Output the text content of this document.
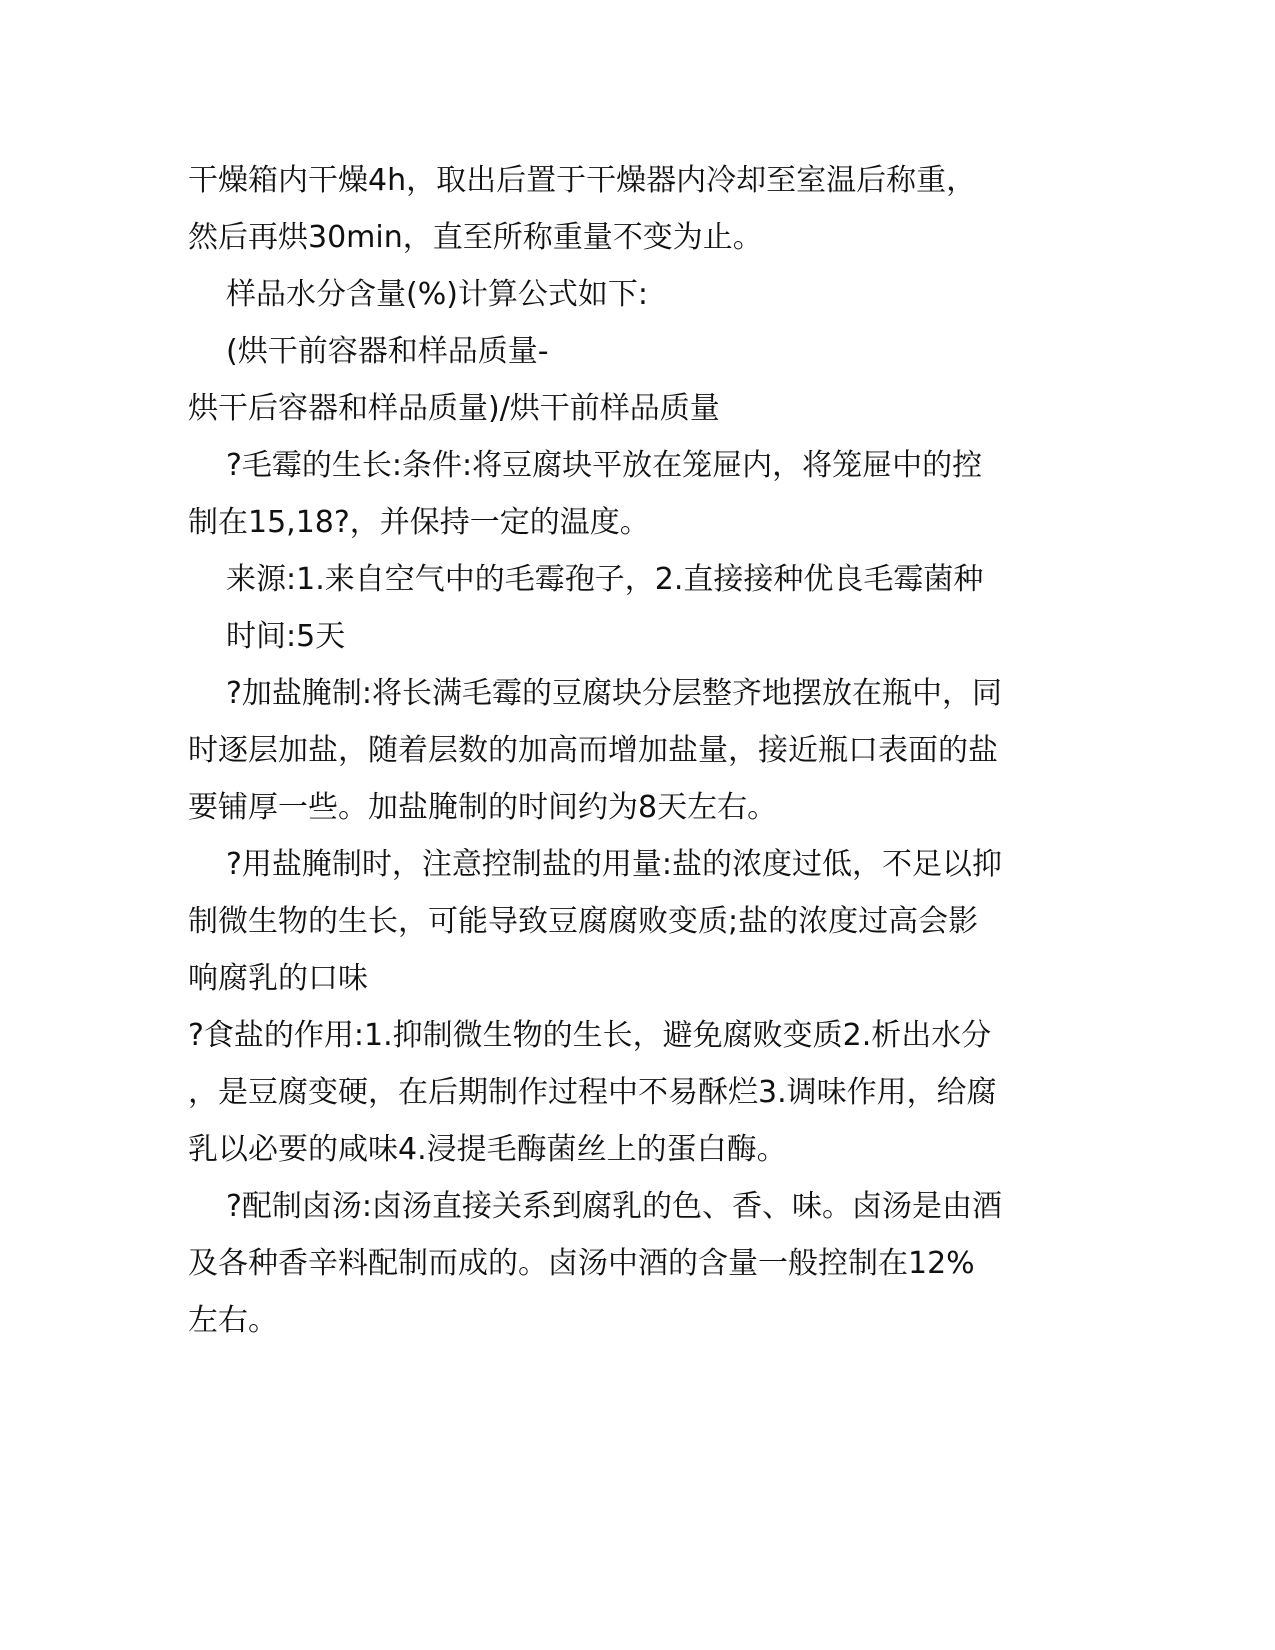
干燥箱内干燥4h，取出后置于干燥器内冷却至室温后称重，
然后再烘30min，直至所称重量不变为止。
样品水分含量(%)计算公式如下:
(烘干前容器和样品质量-
烘干后容器和样品质量)/烘干前样品质量
?毛霉的生长:条件:将豆腐块平放在笼屉内，将笼屉中的控
制在15,18?，并保持一定的温度。
来源:1.来自空气中的毛霉孢子，2.直接接种优良毛霉菌种
时间:5天
?加盐腌制:将长满毛霉的豆腐块分层整齐地摆放在瓶中，同
时逐层加盐，随着层数的加高而增加盐量，接近瓶口表面的盐
要铺厚一些。加盐腌制的时间约为8天左右。
?用盐腌制时，注意控制盐的用量:盐的浓度过低，不足以抑
制微生物的生长，可能导致豆腐腐败变质;盐的浓度过高会影
响腐乳的口味
?食盐的作用:1.抑制微生物的生长，避免腐败变质2.析出水分
，是豆腐变硬，在后期制作过程中不易酥烂3.调味作用，给腐
乳以必要的咸味4.浸提毛酶菌丝上的蛋白酶。
?配制卤汤:卤汤直接关系到腐乳的色、香、味。卤汤是由酒
及各种香辛料配制而成的。卤汤中酒的含量一般控制在12%
左右。
